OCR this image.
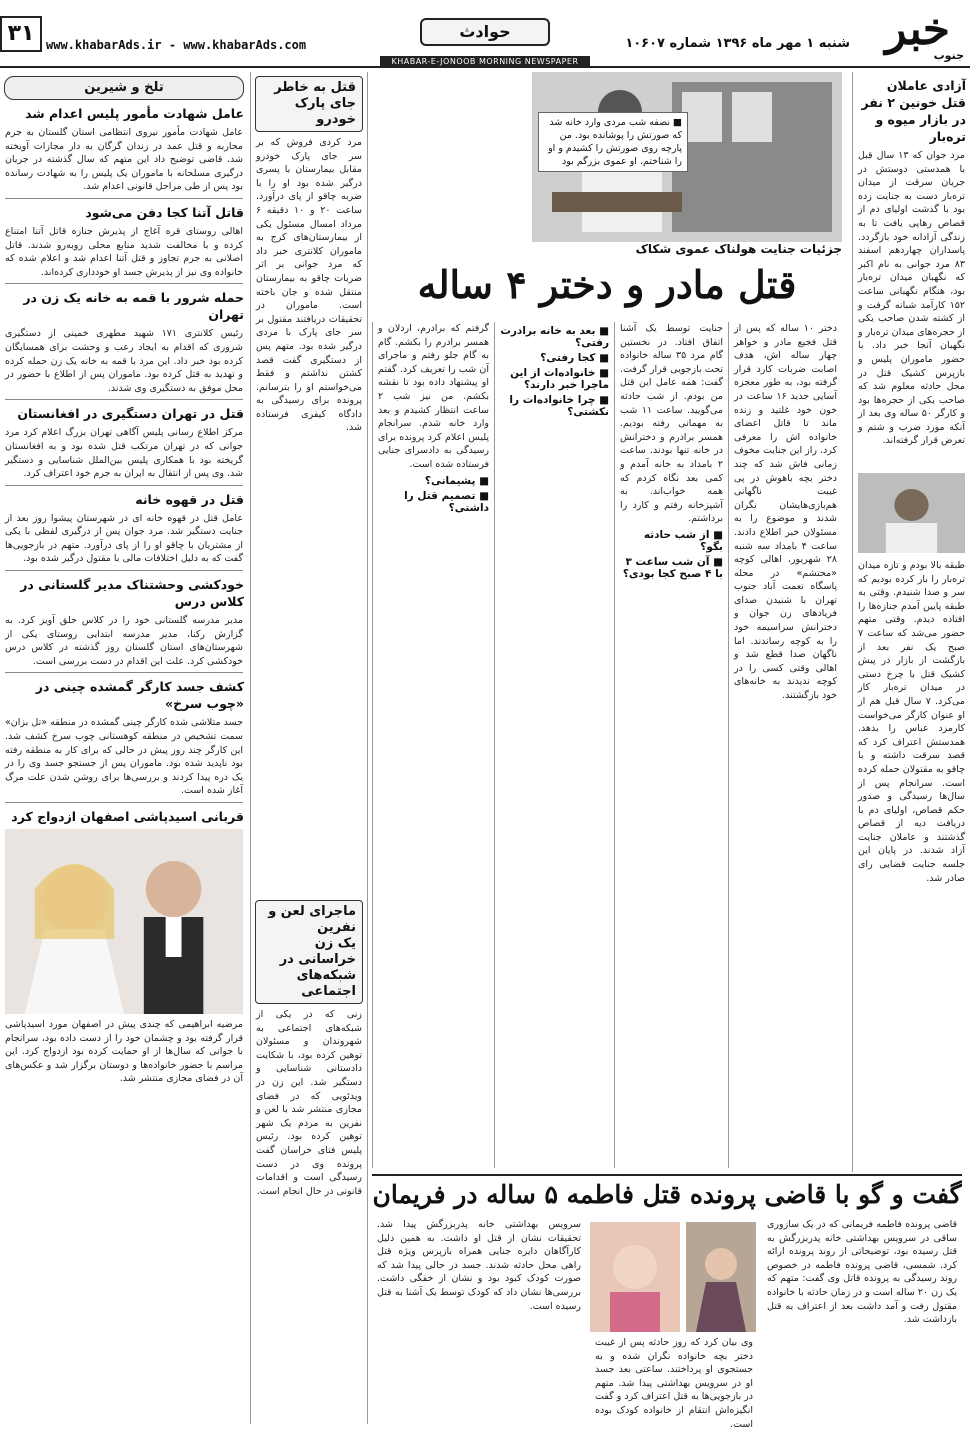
خبر
جنوب
شنبه ۱ مهر ماه ۱۳۹۶ شماره ۱۰۶۰۷
حوادث
www.khabarAds.ir - www.khabarAds.com
۳۱
KHABAR-E-JONOOB MORNING NEWSPAPER
آزادی عاملان
قتل خونین ۲ نفر
در بازار میوه و تره‌بار
مرد جوان که ۱۳ سال قبل با همدستی دوستش در جریان سرقت از میدان تره‌بار دست به جنایت زده بود با گذشت اولیای دم از قصاص رهایی یافت تا به زندگی آزادانه خود بازگردد. پاسداران چهاردهم اسفند ۸۳ مرد جوانی به نام اکبر که نگهبان میدان تره‌بار بود، هنگام نگهبانی ساعت ۱۵۲ کارآمد شبانه گرفت و از کشته شدن صاحب یکی از حجره‌های میدان تره‌بار و نگهبان آنجا خبر داد. با حضور ماموران پلیس و بازپرس کشیک قتل در محل حادثه معلوم شد که صاحب یکی از حجره‌ها بود و کارگر ۵۰ ساله وی بعد از آنکه مورد ضرب و شتم و تعرض قرار گرفته‌اند.
طبقه بالا بودم و تازه میدان تره‌بار را بار کرده بودیم که سر و صدا شنیدم. وقتی به طبقه پایین آمدم جنازه‌ها را افتاده دیدم. وقتی متهم حضور می‌شد که ساعت ۷ صبح یک نفر بعد از بازگشت از بازار در پیش کشیک قتل با چرخ دستی در میدان تره‌بار کار می‌کرد. ۷ سال قبل هم از او عنوان کارگر می‌خواست کارمزد عباس را بدهد. همدستش اعتراف کرد که قصد سرقت داشته و با چاقو به مقتولان حمله کرده است. سرانجام پس از سال‌ها رسیدگی و صدور حکم قصاص، اولیای دم با دریافت دیه از قصاص گذشتند و عاملان جنایت آزاد شدند. در پایان این جلسه جنایت قضایی رای صادر شد.
■ نصفه شب مردی وارد خانه شد که صورتش را پوشانده بود. من پارچه روی صورتش را کشیدم و او را شناختم. او عموی بزرگم بود
جزئیات جنایت هولناک عموی شکاک
قتل مادر و دختر ۴ ساله
دختر ۱۰ ساله که پس از قتل فجیع مادر و خواهر چهار ساله اش، هدف اصابت ضربات کارد قرار گرفته بود، به طور معجزه آسایی جدید ۱۶ ساعت در خون خود غلتید و زنده ماند تا قاتل اعضای خانواده اش را معرفی کرد. راز این جنایت مخوف زمانی فاش شد که چند دختر بچه باهوش در پی غیبت ناگهانی هم‌بازی‌هایشان نگران شدند و موضوع را به مسئولان خبر اطلاع دادند. ساعت ۴ بامداد سه شنبه ۲۸ شهریور، اهالی کوچه «محتشم» در محله پاسگاه نعمت آباد جنوب تهران با شنیدن صدای فریادهای زن جوان و دخترانش سراسیمه خود را به کوچه رساندند. اما ناگهان صدا قطع شد و اهالی وقتی کسی را در کوچه ندیدند به خانه‌های خود بازگشتند.
جنایت توسط یک آشنا اتفاق افتاد. در نخستین گام مرد ۳۵ ساله خانواده تحت بازجویی قرار گرفت. گفت: همه عامل این قتل من بودم. از شب حادثه می‌گویید. ساعت ۱۱ شب به مهمانی رفته بودیم. همسر برادرم و دخترانش در خانه تنها بودند. ساعت ۲ بامداد به خانه آمدم و کمی بعد نگاه کردم که همه خواب‌اند. به آشپزخانه رفتم و کارد را برداشتم.
■ از شب حادثه بگو؟
■ آن شب ساعت ۳ با ۴ صبح کجا بودی؟
■ بعد به خانه برادرت رفتی؟
■ کجا رفتی؟
■ خانواده‌ات از این ماجرا خبر دارند؟
■ چرا خانواده‌ات را نکشتی؟
گرفتم که برادرم، اردلان و همسر برادرم را بکشم. گام به گام جلو رفتم و ماجرای آن شب را تعریف کرد. گفتم او پیشنهاد داده بود تا نقشه بکشم. من نیز شب ۲ ساعت انتظار کشیدم و بعد وارد خانه شدم. سرانجام پلیس اعلام کرد پرونده برای رسیدگی به دادسرای جنایی فرستاده شده است.
■ پشیمانی؟
■ تصمیم قتل را داشتی؟
گفت و گو با قاضی پرونده قتل فاطمه ۵ ساله در فریمان
قاضی پرونده فاطمه فریمانی که در یک ساز‌وری ساقی در سرویس بهداشتی خانه پدربزرگش به قتل رسیده بود، توضیحاتی از روند پرونده ارائه کرد. شمسی، قاضی پرونده فاطمه در خصوص روند رسیدگی به پرونده قاتل وی گفت: متهم که یک زن ۲۰ ساله است و در زمان حادثه با خانواده مقتول رفت و آمد داشت بعد از اعتراف به قتل بازداشت شد.
سرویس بهداشتی خانه پدربزرگش پیدا شد. تحقیقات نشان از قتل او داشت. به همین دلیل کارآگاهان دایره جنایی همراه بازپرس ویژه قتل راهی محل حادثه شدند. جسد در حالی پیدا شد که صورت کودک کبود بود و نشان از خفگی داشت. بررسی‌ها نشان داد که کودک توسط یک آشنا به قتل رسیده است.
وی بیان کرد که روز حادثه پس از غیبت دختر بچه خانواده نگران شده و به جستجوی او پرداختند. ساعتی بعد جسد او در سرویس بهداشتی پیدا شد. متهم در بازجویی‌ها به قتل اعتراف کرد و گفت انگیزه‌اش انتقام از خانواده کودک بوده است.
قتل به خاطر
جای پارک خودرو
مرد کردی فروش که بر سر جای پارک خودرو مقابل بیمارستان با پسری درگیر شده بود او را با ضربه چاقو از پای درآورد. ساعت ۲۰ و ۱۰ دقیقه ۶ مرداد امسال مسئول یکی از بیمارستان‌های کرج به ماموران کلانتری خبر داد که مرد جوانی بر اثر ضربات چاقو به بیمارستان منتقل شده و جان باخته است. ماموران در تحقیقات دریافتند مقتول بر سر جای پارک با مردی درگیر شده بود. متهم پس از دستگیری گفت قصد کشتن نداشتم و فقط می‌خواستم او را بترسانم. پرونده برای رسیدگی به دادگاه کیفری فرستاده شد.
ماجرای لعن و نفرین
یک زن خراسانی در
شبکه‌های اجتماعی
زنی که در یکی از شبکه‌های اجتماعی به شهروندان و مسئولان توهین کرده بود، با شکایت دادستانی شناسایی و دستگیر شد. این زن در ویدئویی که در فضای مجازی منتشر شد با لعن و نفرین به مردم یک شهر توهین کرده بود. رئیس پلیس فتای خراسان گفت پرونده وی در دست رسیدگی است و اقدامات قانونی در حال انجام است.
تلخ و شیرین
عامل شهادت مأمور پلیس اعدام شد
عامل شهادت مأمور نیروی انتظامی استان گلستان به جرم محاربه و قتل عمد در زندان گرگان به دار مجازات آویخته شد. قاضی توضیح داد این متهم که سال گذشته در جریان درگیری مسلحانه با ماموران یک پلیس را به شهادت رسانده بود پس از طی مراحل قانونی اعدام شد.
قاتل آتنا کجا دفن می‌شود
اهالی روستای قره آغاج از پذیرش جنازه قاتل آتنا امتناع کرده و با مخالفت شدید منابع محلی روبه‌رو شدند. قاتل اصلانی به جرم تجاوز و قتل آتنا اعدام شد و اعلام شده که خانواده وی نیز از پذیرش جسد او خودداری کرده‌اند.
حمله شرور با قمه به خانه یک زن در تهران
رئیس کلانتری ۱۷۱ شهید مطهری خمینی از دستگیری شروری که اقدام به ایجاد رعب و وحشت برای همسایگان کرده بود خبر داد. این مرد با قمه به خانه یک زن حمله کرده و تهدید به قتل کرده بود. ماموران پس از اطلاع با حضور در محل موفق به دستگیری وی شدند.
قتل در تهران دستگیری در افغانستان
مرکز اطلاع رسانی پلیس آگاهی تهران بزرگ اعلام کرد مرد جوانی که در تهران مرتکب قتل شده بود و به افغانستان گریخته بود با همکاری پلیس بین‌الملل شناسایی و دستگیر شد. وی پس از انتقال به ایران به جرم خود اعتراف کرد.
قتل در قهوه خانه
عامل قتل در قهوه خانه ای در شهرستان پیشوا روز بعد از جنایت دستگیر شد. مرد جوان پس از درگیری لفظی با یکی از مشتریان با چاقو او را از پای درآورد. متهم در بازجویی‌ها گفت که به دلیل اختلافات مالی با مقتول درگیر شده بود.
خودکشی وحشتناک مدیر گلستانی در کلاس درس
مدیر مدرسه گلستانی خود را در کلاس حلق آویز کرد. به گزارش رکنا، مدیر مدرسه ابتدایی روستای یکی از شهرستان‌های استان گلستان روز گذشته در کلاس درس خودکشی کرد. علت این اقدام در دست بررسی است.
کشف جسد کارگر گمشده چینی در «چوب سرخ»
جسد متلاشی شده کارگر چینی گمشده در منطقه «تل بزان» سمت تشخیص در منطقه کوهستانی چوب سرخ کشف شد. این کارگر چند روز پیش در حالی که برای کار به منطقه رفته بود ناپدید شده بود. ماموران پس از جستجو جسد وی را در یک دره پیدا کردند و بررسی‌ها برای روشن شدن علت مرگ آغاز شده است.
قربانی اسیدپاشی اصفهان ازدواج کرد
مرضیه ابراهیمی که چندی پیش در اصفهان مورد اسیدپاشی قرار گرفته بود و چشمان خود را از دست داده بود، سرانجام با جوانی که سال‌ها از او حمایت کرده بود ازدواج کرد. این مراسم با حضور خانواده‌ها و دوستان برگزار شد و عکس‌های آن در فضای مجازی منتشر شد.
